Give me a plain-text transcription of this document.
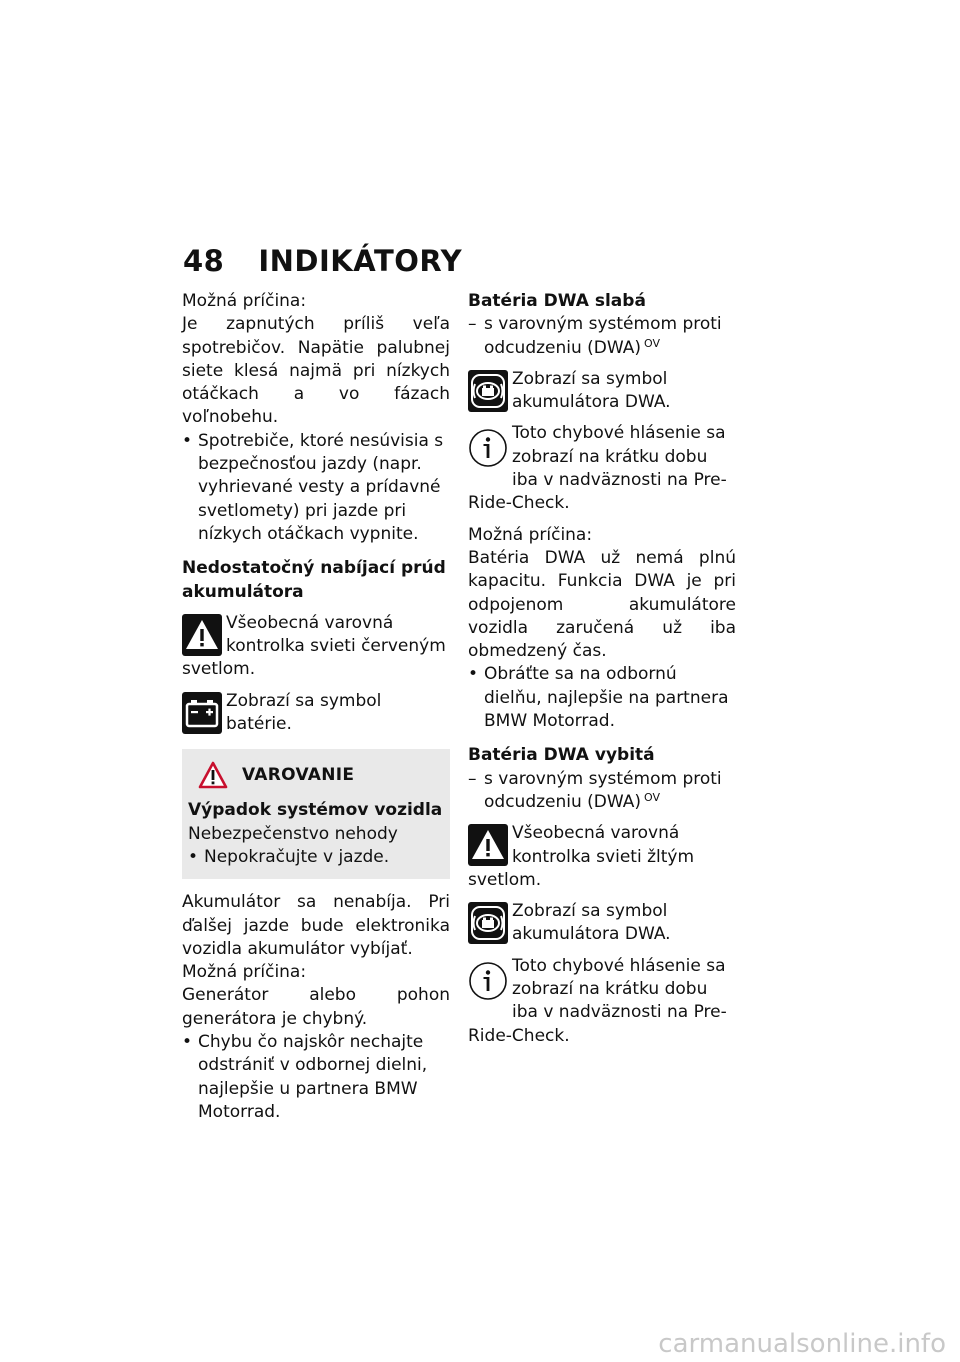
48 INDIKÁTORY

Možná príčina:

Je zapnutých príliš veľa spotrebičov. Napätie palubnej siete klesá najmä pri nízkych otáčkach a vo fázach voľnobehu.

• Spotrebiče, ktoré nesúvisia s bezpečnosťou jazdy (napr. vyhrievané vesty a prídavné svetlomety) pri jazde pri nízkych otáčkach vypnite.

Nedostatočný nabíjací prúd akumulátora

Všeobecná varovná kontrolka svieti červeným svetlom.
Zobrazí sa symbol batérie.
VAROVANIE

Výpadok systémov vozidla

Nebezpečenstvo nehody

• Nepokračujte v jazde.

Akumulátor sa nenabíja. Pri ďalšej jazde bude elektronika vozidla akumulátor vybíjať.

Možná príčina:

Generátor alebo pohon generátora je chybný.

• Chybu čo najskôr nechajte odstrániť v odbornej dielni, najlepšie u partnera BMW Motorrad.

Batéria DWA slabá

– s varovným systémom proti odcudzeniu (DWA) $^{OV}$
Zobrazí sa symbol akumulátora DWA.
Toto chybové hlásenie sa zobrazí na krátku dobu iba v nadväznosti na Pre-Ride-Check.

Možná príčina:

Batéria DWA už nemá plnú kapacitu. Funkcia DWA je pri odpojenom akumulátore vozidla zaručená už iba obmedzený čas.

• Obráťte sa na odbornú dielňu, najlepšie na partnera BMW Motorrad.

Batéria DWA vybitá

– s varovným systémom proti odcudzeniu (DWA) $^{OV}$
Všeobecná varovná kontrolka svieti žltým svetlom.
Zobrazí sa symbol akumulátora DWA.
Toto chybové hlásenie sa zobrazí na krátku dobu iba v nadväznosti na Pre-Ride-Check.
carmanualsonline.info
